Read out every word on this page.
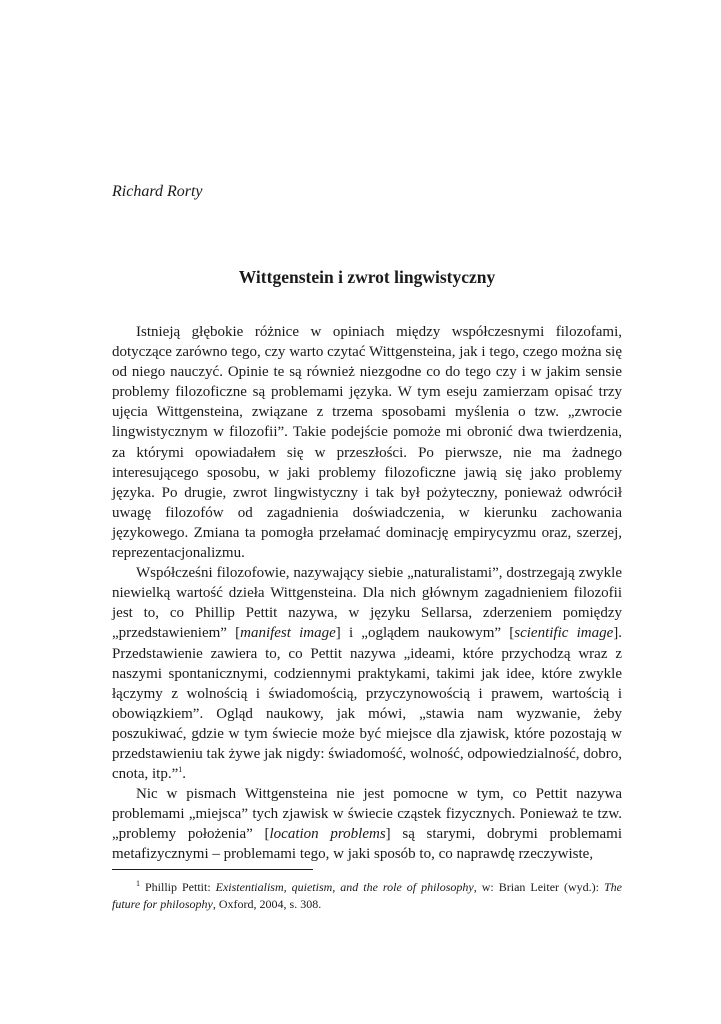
Richard Rorty
Wittgenstein i zwrot lingwistyczny

Istnieją głębokie różnice w opiniach między współczesnymi filozofami, dotyczące zarówno tego, czy warto czytać Wittgensteina, jak i tego, czego można się od niego nauczyć. Opinie te są również niezgodne co do tego czy i w jakim sensie problemy filozoficzne są problemami języka. W tym eseju zamierzam opisać trzy ujęcia Wittgensteina, związane z trzema sposobami myślenia o tzw. „zwrocie lingwistycznym w filozofii”. Takie podejście pomoże mi obronić dwa twierdzenia, za którymi opowiadałem się w przeszłości. Po pierwsze, nie ma żadnego interesującego sposobu, w jaki problemy filozoficzne jawią się jako problemy języka. Po drugie, zwrot lingwistyczny i tak był pożyteczny, ponieważ odwrócił uwagę filozofów od zagadnienia doświadczenia, w kierunku zachowania językowego. Zmiana ta pomogła przełamać dominację empirycyzmu oraz, szerzej, reprezentacjonalizmu.

Współcześni filozofowie, nazywający siebie „naturalistami”, dostrzegają zwykle niewielką wartość dzieła Wittgensteina. Dla nich głównym zagadnieniem filozofii jest to, co Phillip Pettit nazywa, w języku Sellarsa, zderzeniem pomiędzy „przedstawieniem” [manifest image] i „oglądem naukowym” [scientific image]. Przedstawienie zawiera to, co Pettit nazywa „ideami, które przychodzą wraz z naszymi spontanicznymi, codziennymi praktykami, takimi jak idee, które zwykle łączymy z wolnością i świadomością, przyczynowością i prawem, wartością i obowiązkiem”. Ogląd naukowy, jak mówi, „stawia nam wyzwanie, żeby poszukiwać, gdzie w tym świecie może być miejsce dla zjawisk, które pozostają w przedstawieniu tak żywe jak nigdy: świadomość, wolność, odpowiedzialność, dobro, cnota, itp.”$^1$.

Nic w pismach Wittgensteina nie jest pomocne w tym, co Pettit nazywa problemami „miejsca” tych zjawisk w świecie cząstek fizycznych. Ponieważ te tzw. „problemy położenia” [location problems] są starymi, dobrymi problemami metafizycznymi – problemami tego, w jaki sposób to, co naprawdę rzeczywiste,

$^1$ Phillip Pettit: Existentialism, quietism, and the role of philosophy, w: Brian Leiter (wyd.): The future for philosophy, Oxford, 2004, s. 308.
